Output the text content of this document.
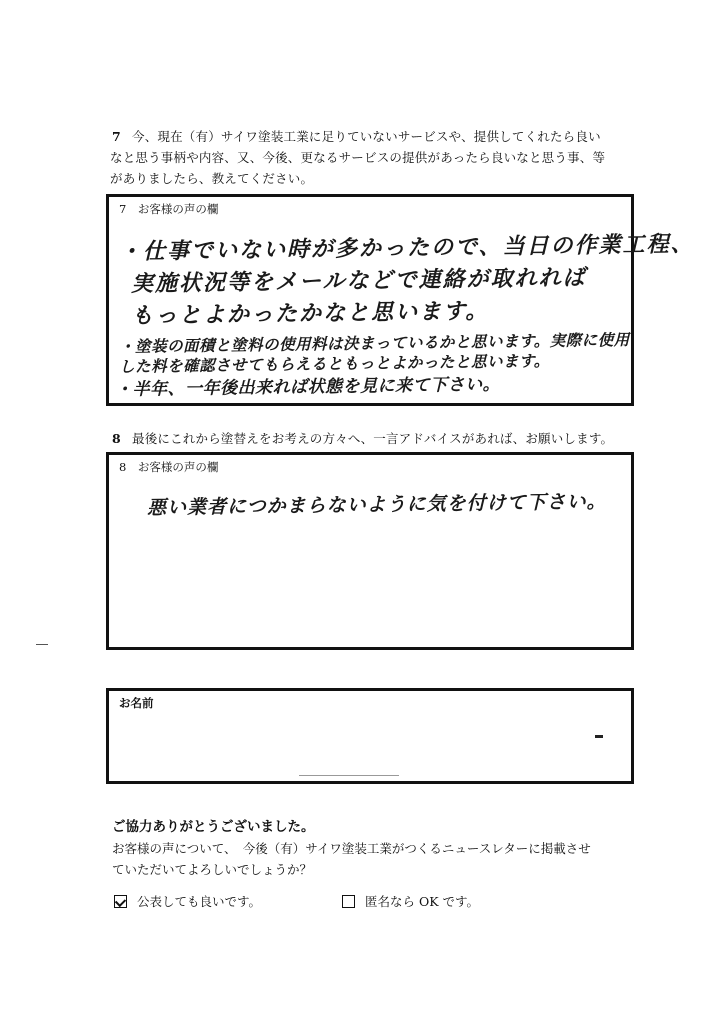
7 今、現在（有）サイワ塗装工業に足りていないサービスや、提供してくれたら良い
なと思う事柄や内容、又、今後、更なるサービスの提供があったら良いなと思う事、等
がありましたら、教えてください。
7　お客様の声の欄
・仕事でいない時が多かったので、当日の作業工程、
実施状況等をメールなどで連絡が取れれば
もっとよかったかなと思います。
・塗装の面積と塗料の使用料は決まっているかと思います。実際に使用
した料を確認させてもらえるともっとよかったと思います。
・半年、一年後出来れば状態を見に来て下さい。
8 最後にこれから塗替えをお考えの方々へ、一言アドバイスがあれば、お願いします。
8　お客様の声の欄
悪い業者につかまらないように気を付けて下さい。
お名前
ご協力ありがとうございました。
お客様の声について、　今後（有）サイワ塗装工業がつくるニュースレターに掲載させ
ていただいてよろしいでしょうか？
公表しても良いです。	匿名なら OK です。
